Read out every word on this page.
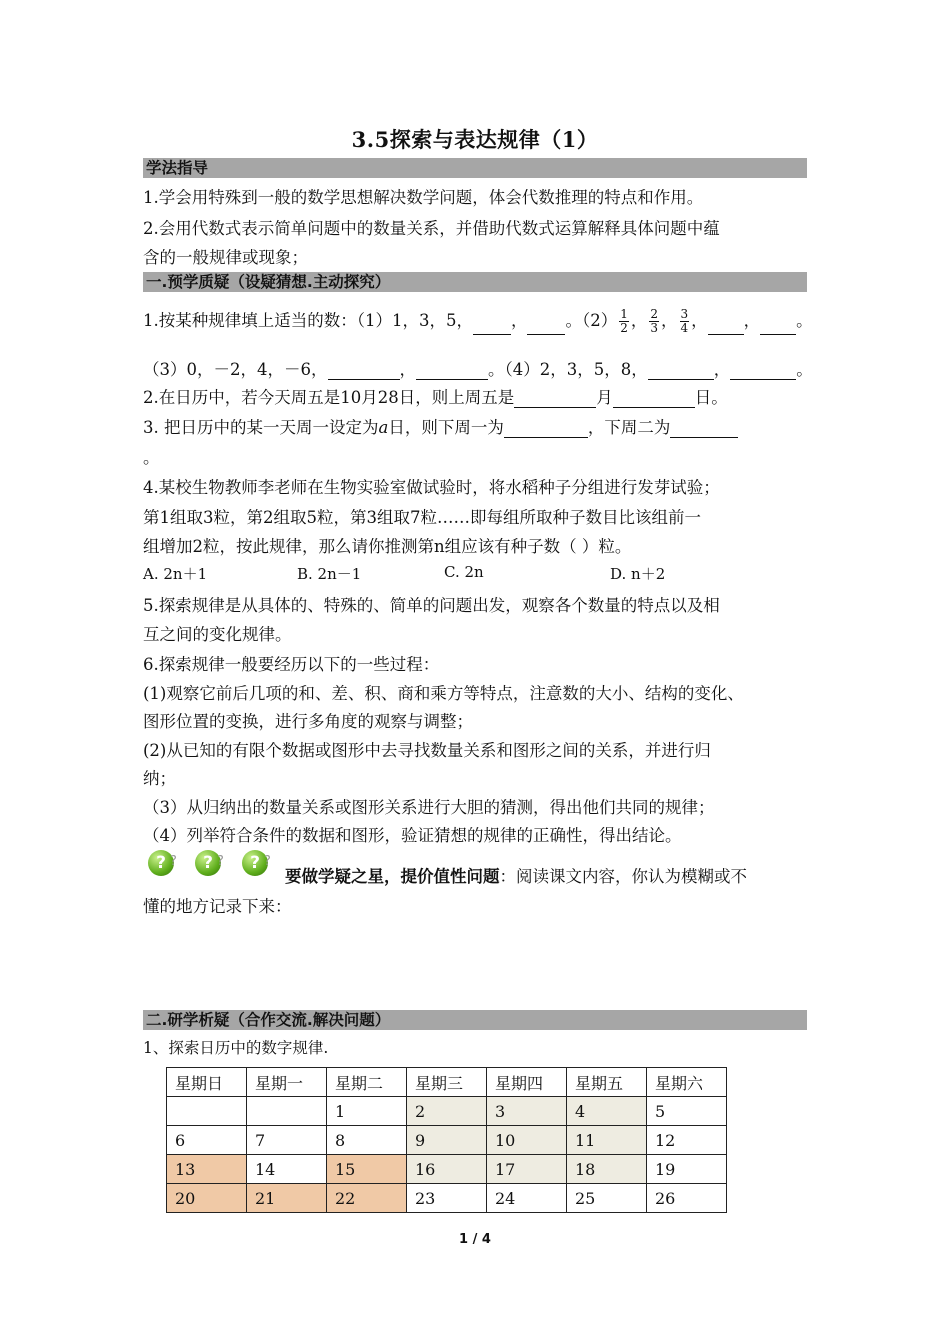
3.5探索与表达规律（1）
学法指导
1.学会用特殊到一般的数学思想解决数学问题，体会代数推理的特点和作用。
2.会用代数式表示简单问题中的数量关系，并借助代数式运算解释具体问题中蕴
含的一般规律或现象；
一.预学质疑（设疑猜想.主动探究）
1.按某种规律填上适当的数：（1）1，3，5， ， 。$(2) \frac{1}{2}$ ， $\frac{2}{3}$ ， $\frac{3}{4}$ ， ， 。
（3）0，－2，4，－6，	，	。（4）2，3，5，8，	，	。
2.在日历中，若今天周五是10月28日，则上周五是	月	日。
3. 把日历中的某一天周一设定为a日，则下周一为	，下周二为
。
4.某校生物教师李老师在生物实验室做试验时，将水稻种子分组进行发芽试验；
第1组取3粒，第2组取5粒，第3组取7粒……即每组所取种子数目比该组前一
组增加2粒，按此规律，那么请你推测第n组应该有种子数（ ）粒。
A. 2n＋1	B. 2n－1	C. 2n	D. n＋2
5.探索规律是从具体的、特殊的、简单的问题出发，观察各个数量的特点以及相
互之间的变化规律。
6.探索规律一般要经历以下的一些过程：
(1)观察它前后几项的和、差、积、商和乘方等特点，注意数的大小、结构的变化、
图形位置的变换，进行多角度的观察与调整；
(2)从已知的有限个数据或图形中去寻找数量关系和图形之间的关系，并进行归
纳；
（3）从归纳出的数量关系或图形关系进行大胆的猜测，得出他们共同的规律；
（4）列举符合条件的数据和图形，验证猜想的规律的正确性，得出结论。
? ?	? ?	? ?
要做学疑之星，提价值性问题：阅读课文内容，你认为模糊或不
懂的地方记录下来：
二.研学析疑（合作交流.解决问题）
1、探索日历中的数字规律.
星期日	星期一	星期二	星期三	星期四	星期五	星期六
		1	2	3	4	5
6	7	8	9	10	11	12
13	14	15	16	17	18	19
20	21	22	23	24	25	26
1 / 4
